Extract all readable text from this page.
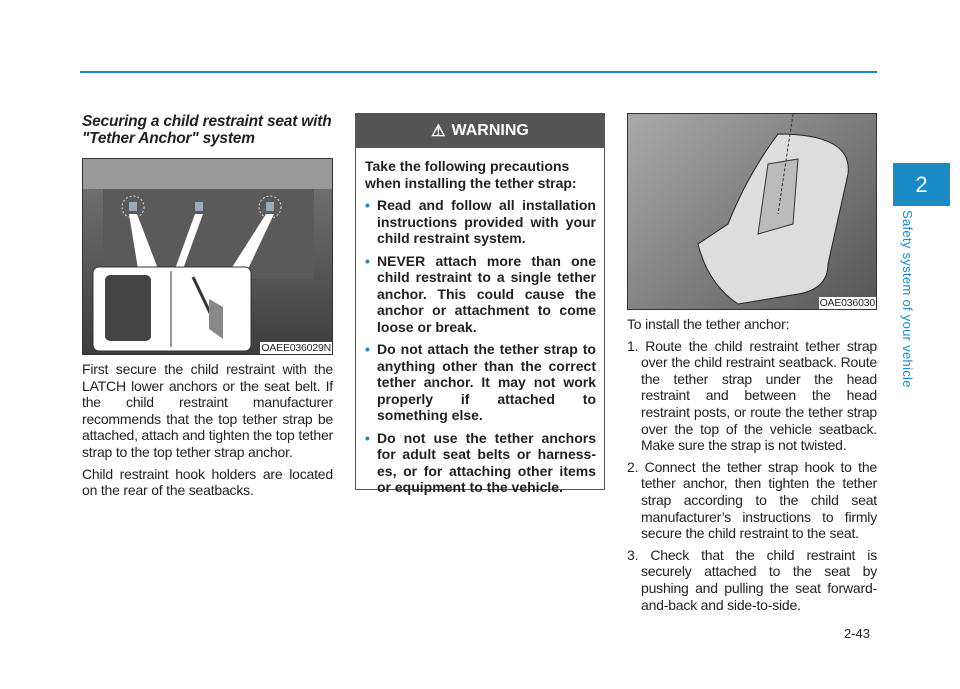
Securing a child restraint seat with "Tether Anchor" system
OAEE036029N

First secure the child restraint with the LATCH lower anchors or the seat belt. If the child restraint manufacturer recommends that the top tether strap be attached, attach and tighten the top tether strap to the top tether strap anchor.

Child restraint hook holders are located on the rear of the seatbacks.

⚠ WARNING
Take the following precautions when installing the tether strap:
• Read and follow all installation instructions provided with your child restraint system.
• NEVER attach more than one child restraint to a single tether anchor. This could cause the anchor or attachment to come loose or break.
• Do not attach the tether strap to anything other than the correct tether anchor. It may not work properly if attached to something else.
• Do not use the tether anchors for adult seat belts or harness-es, or for attaching other items or equipment to the vehicle.
OAE036030

To install the tether anchor:

1. Route the child restraint tether strap over the child restraint seatback. Route the tether strap under the head restraint and between the head restraint posts, or route the tether strap over the top of the vehicle seatback. Make sure the strap is not twisted.
2. Connect the tether strap hook to the tether anchor, then tighten the tether strap according to the child seat manufacturer’s instructions to firmly secure the child restraint to the seat.
3. Check that the child restraint is securely attached to the seat by pushing and pulling the seat forward-and-back and side-to-side.
2
Safety system of your vehicle
2-43
